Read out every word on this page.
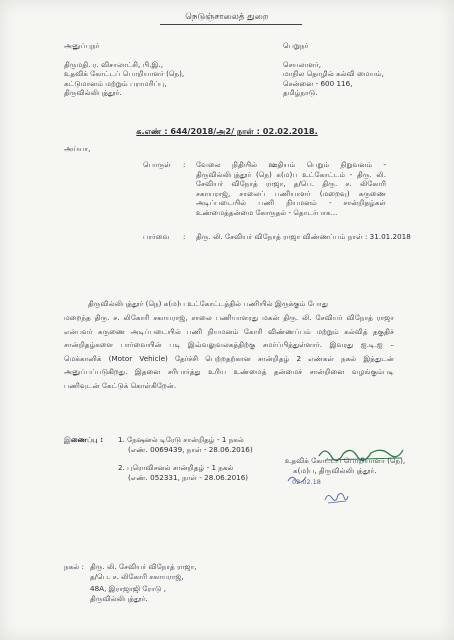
நெடுஞ்சாலைத் துறை
அனுப்புநர்
திருமதி. ர. விசாலாட்சி, பி.இ.,
உதவிக் கோட்டப் பொறியாளர் (நெ),
கட்டுமானம் மற்றும் பராமரிப்பு,
திருவில்லிபுத்தூர்.
பெறுநர்
செயலாளர்,
மாநில தொழில் கல்வி மையம்,
சென்னை - 600 116,
தமிழ்நாடு.
க.எண் : 644/2018/அ2/ நாள் : 02.02.2018.
அய்யா,
பொருள் : வேலை நிதியில் ஊதியம் பெறும் நிறுவனம் - திருவில்லிபுத்தூர் (நெ) க(ம)ப உட்கோட்டம் - திரு. லி. சேவியர் விநோத் ராஜா, த/பெ. திரு. ச. லிகோரி சகாயராஜ், சாலைப் பணியாளர் (மறைவு) கருணை அடிப்படையில் பணி நியமனம் - சான்றிதழ்கள் உண்மைத்தன்மை கோருதல் - தொடர்பாக...
பார்வை : திரு. லி. சேவியர் விநோத் ராஜா விண்ணப்பம் நாள் : 31.01.2018
திருவில்லிபுத்தூர் (நெ) க(ம)ப உட்கோட்டத்தில் பணியில் இருக்கும் போது
மறைந்த திரு. ச. லிகோரி சகாயராஜ், சாலை பணியாளரது மகன் திரு. லி. சேவியர் விநோத் ராஜா என்பவர் கருணை அடிப்படையில் பணி நியமனம் கோரி விண்ணப்பம் மற்றும் கல்வித் தகுதிச் சான்றிதழ்களை பார்வையின் படி இவ்வலுவலகத்திற்கு சமர்ப்பித்துள்ளார். இவரது ஐ.டி.ஐ – மெக்கானிக் (Motor Vehicle) தேர்ச்சி பெற்றதற்கான சான்றிதழ் 2 எண்கள் நகல் இத்துடன் அனுப்பப்படுகிறது. இதனை சரிபார்த்து உரிய உண்மைத் தன்மைச் சான்றினை வழங்கும்படி பணிவுடன் கேட்டுக் கொள்கிறேன்.
இணைப்பு : 1. நேஷனல் டிரேடு சான்றிதழ் - 1 நகல்
(எண். 0069439, நாள் - 28.06.2016)
2. புரொவிசனல் சான்றிதழ் - 1 நகல்
(எண். 052331, நாள் - 28.06.2016)
உதவிக் கோட்டப் பொறியாளர் (நெ),
க(ம)ப, திருவில்லிபுத்தூர்.
02.02.18
நகல் : திரு. லி. சேவியர் விநோத் ராஜா,
த/பெ. ச. லிகோரி சகாயராஜ்,
48A, இராஜாஜி ரோடு ,
திருவில்லிபுத்தூர்.
